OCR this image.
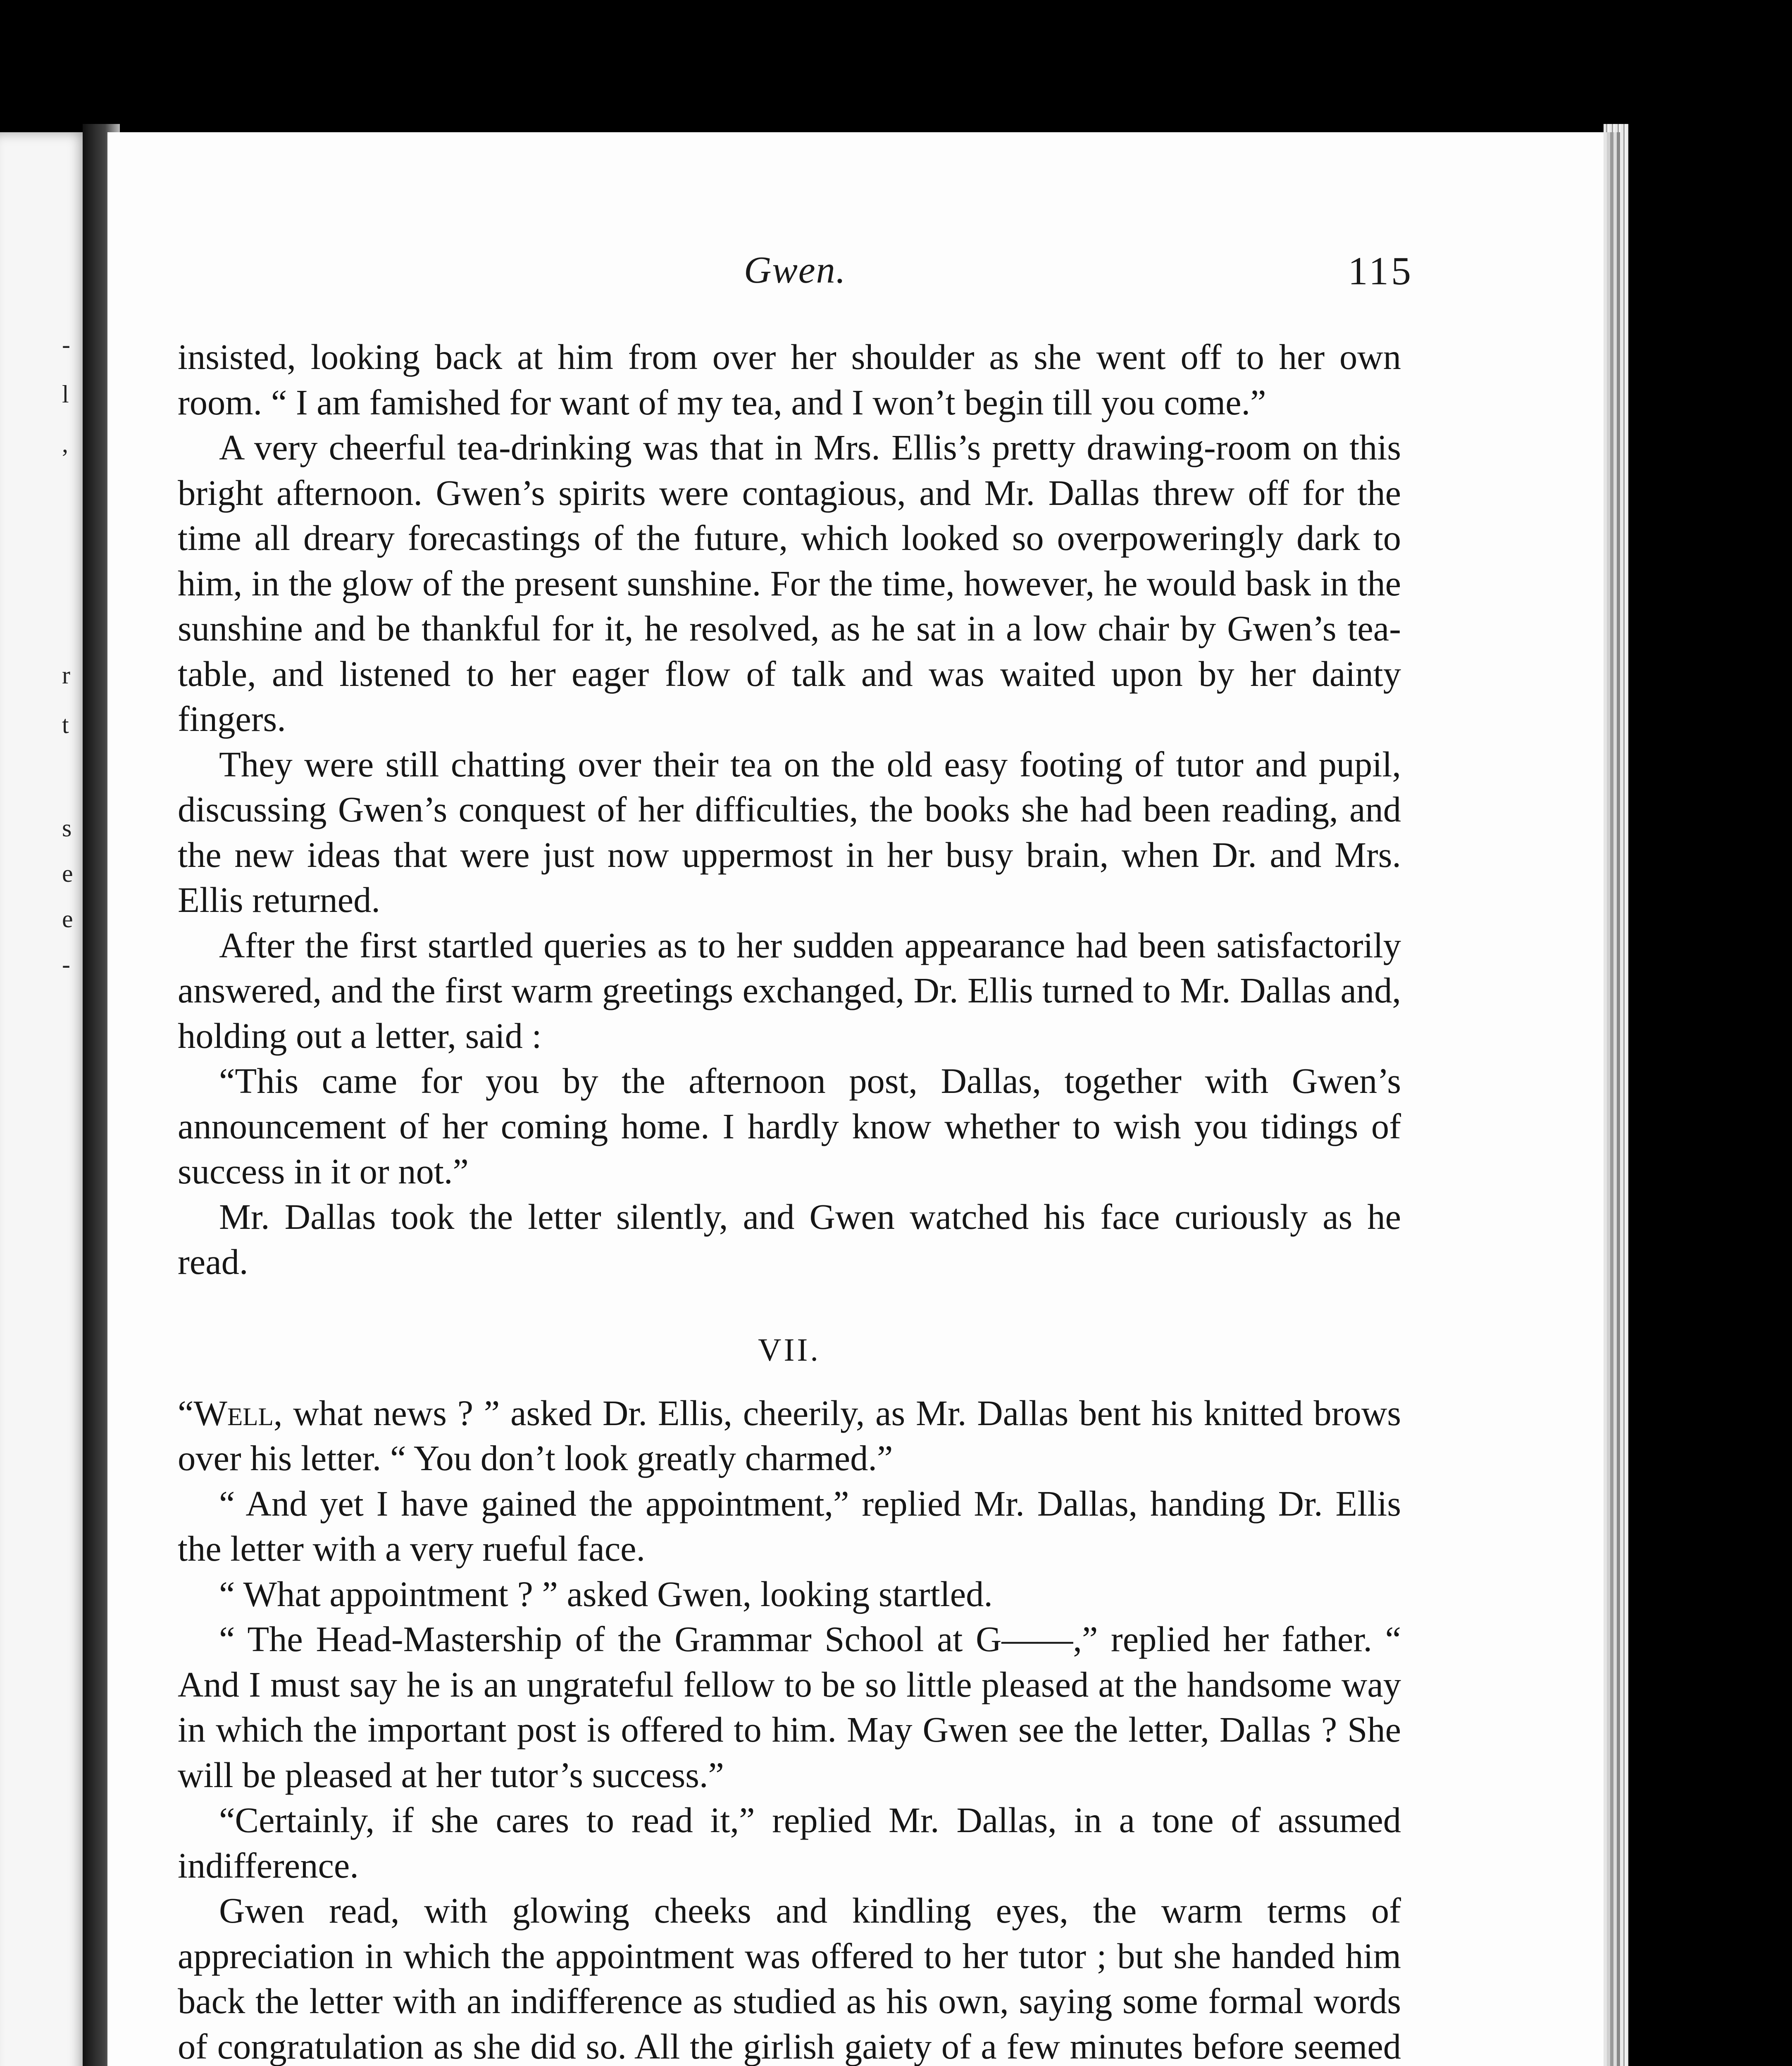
-
l
,
r
t
s
e
e
-
Gwen.	115

insisted, looking back at him from over her shoulder as she went off to her own room. “ I am famished for want of my tea, and I won’t begin till you come.”

A very cheerful tea-drinking was that in Mrs. Ellis’s pretty drawing-room on this bright afternoon. Gwen’s spirits were contagious, and Mr. Dallas threw off for the time all dreary forecastings of the future, which looked so overpoweringly dark to him, in the glow of the present sunshine. For the time, however, he would bask in the sunshine and be thankful for it, he resolved, as he sat in a low chair by Gwen’s tea-table, and listened to her eager flow of talk and was waited upon by her dainty fingers.

They were still chatting over their tea on the old easy footing of tutor and pupil, discussing Gwen’s conquest of her difficulties, the books she had been reading, and the new ideas that were just now uppermost in her busy brain, when Dr. and Mrs. Ellis returned.

After the first startled queries as to her sudden appearance had been satisfactorily answered, and the first warm greetings exchanged, Dr. Ellis turned to Mr. Dallas and, holding out a letter, said :

“This came for you by the afternoon post, Dallas, together with Gwen’s announcement of her coming home. I hardly know whether to wish you tidings of success in it or not.”

Mr. Dallas took the letter silently, and Gwen watched his face curiously as he read.

VII.

“Well, what news ? ” asked Dr. Ellis, cheerily, as Mr. Dallas bent his knitted brows over his letter. “ You don’t look greatly charmed.”

“ And yet I have gained the appointment,” replied Mr. Dallas, handing Dr. Ellis the letter with a very rueful face.

“ What appointment ? ” asked Gwen, looking startled.

“ The Head-Mastership of the Grammar School at G——,” replied her father. “ And I must say he is an ungrateful fellow to be so little pleased at the handsome way in which the important post is offered to him. May Gwen see the letter, Dallas ? She will be pleased at her tutor’s success.”

“Certainly, if she cares to read it,” replied Mr. Dallas, in a tone of assumed indifference.

Gwen read, with glowing cheeks and kindling eyes, the warm terms of appreciation in which the appointment was offered to her tutor ; but she handed him back the letter with an indifference as studied as his own, saying some formal words of congratulation as she did so. All the girlish gaiety of a few minutes before seemed
